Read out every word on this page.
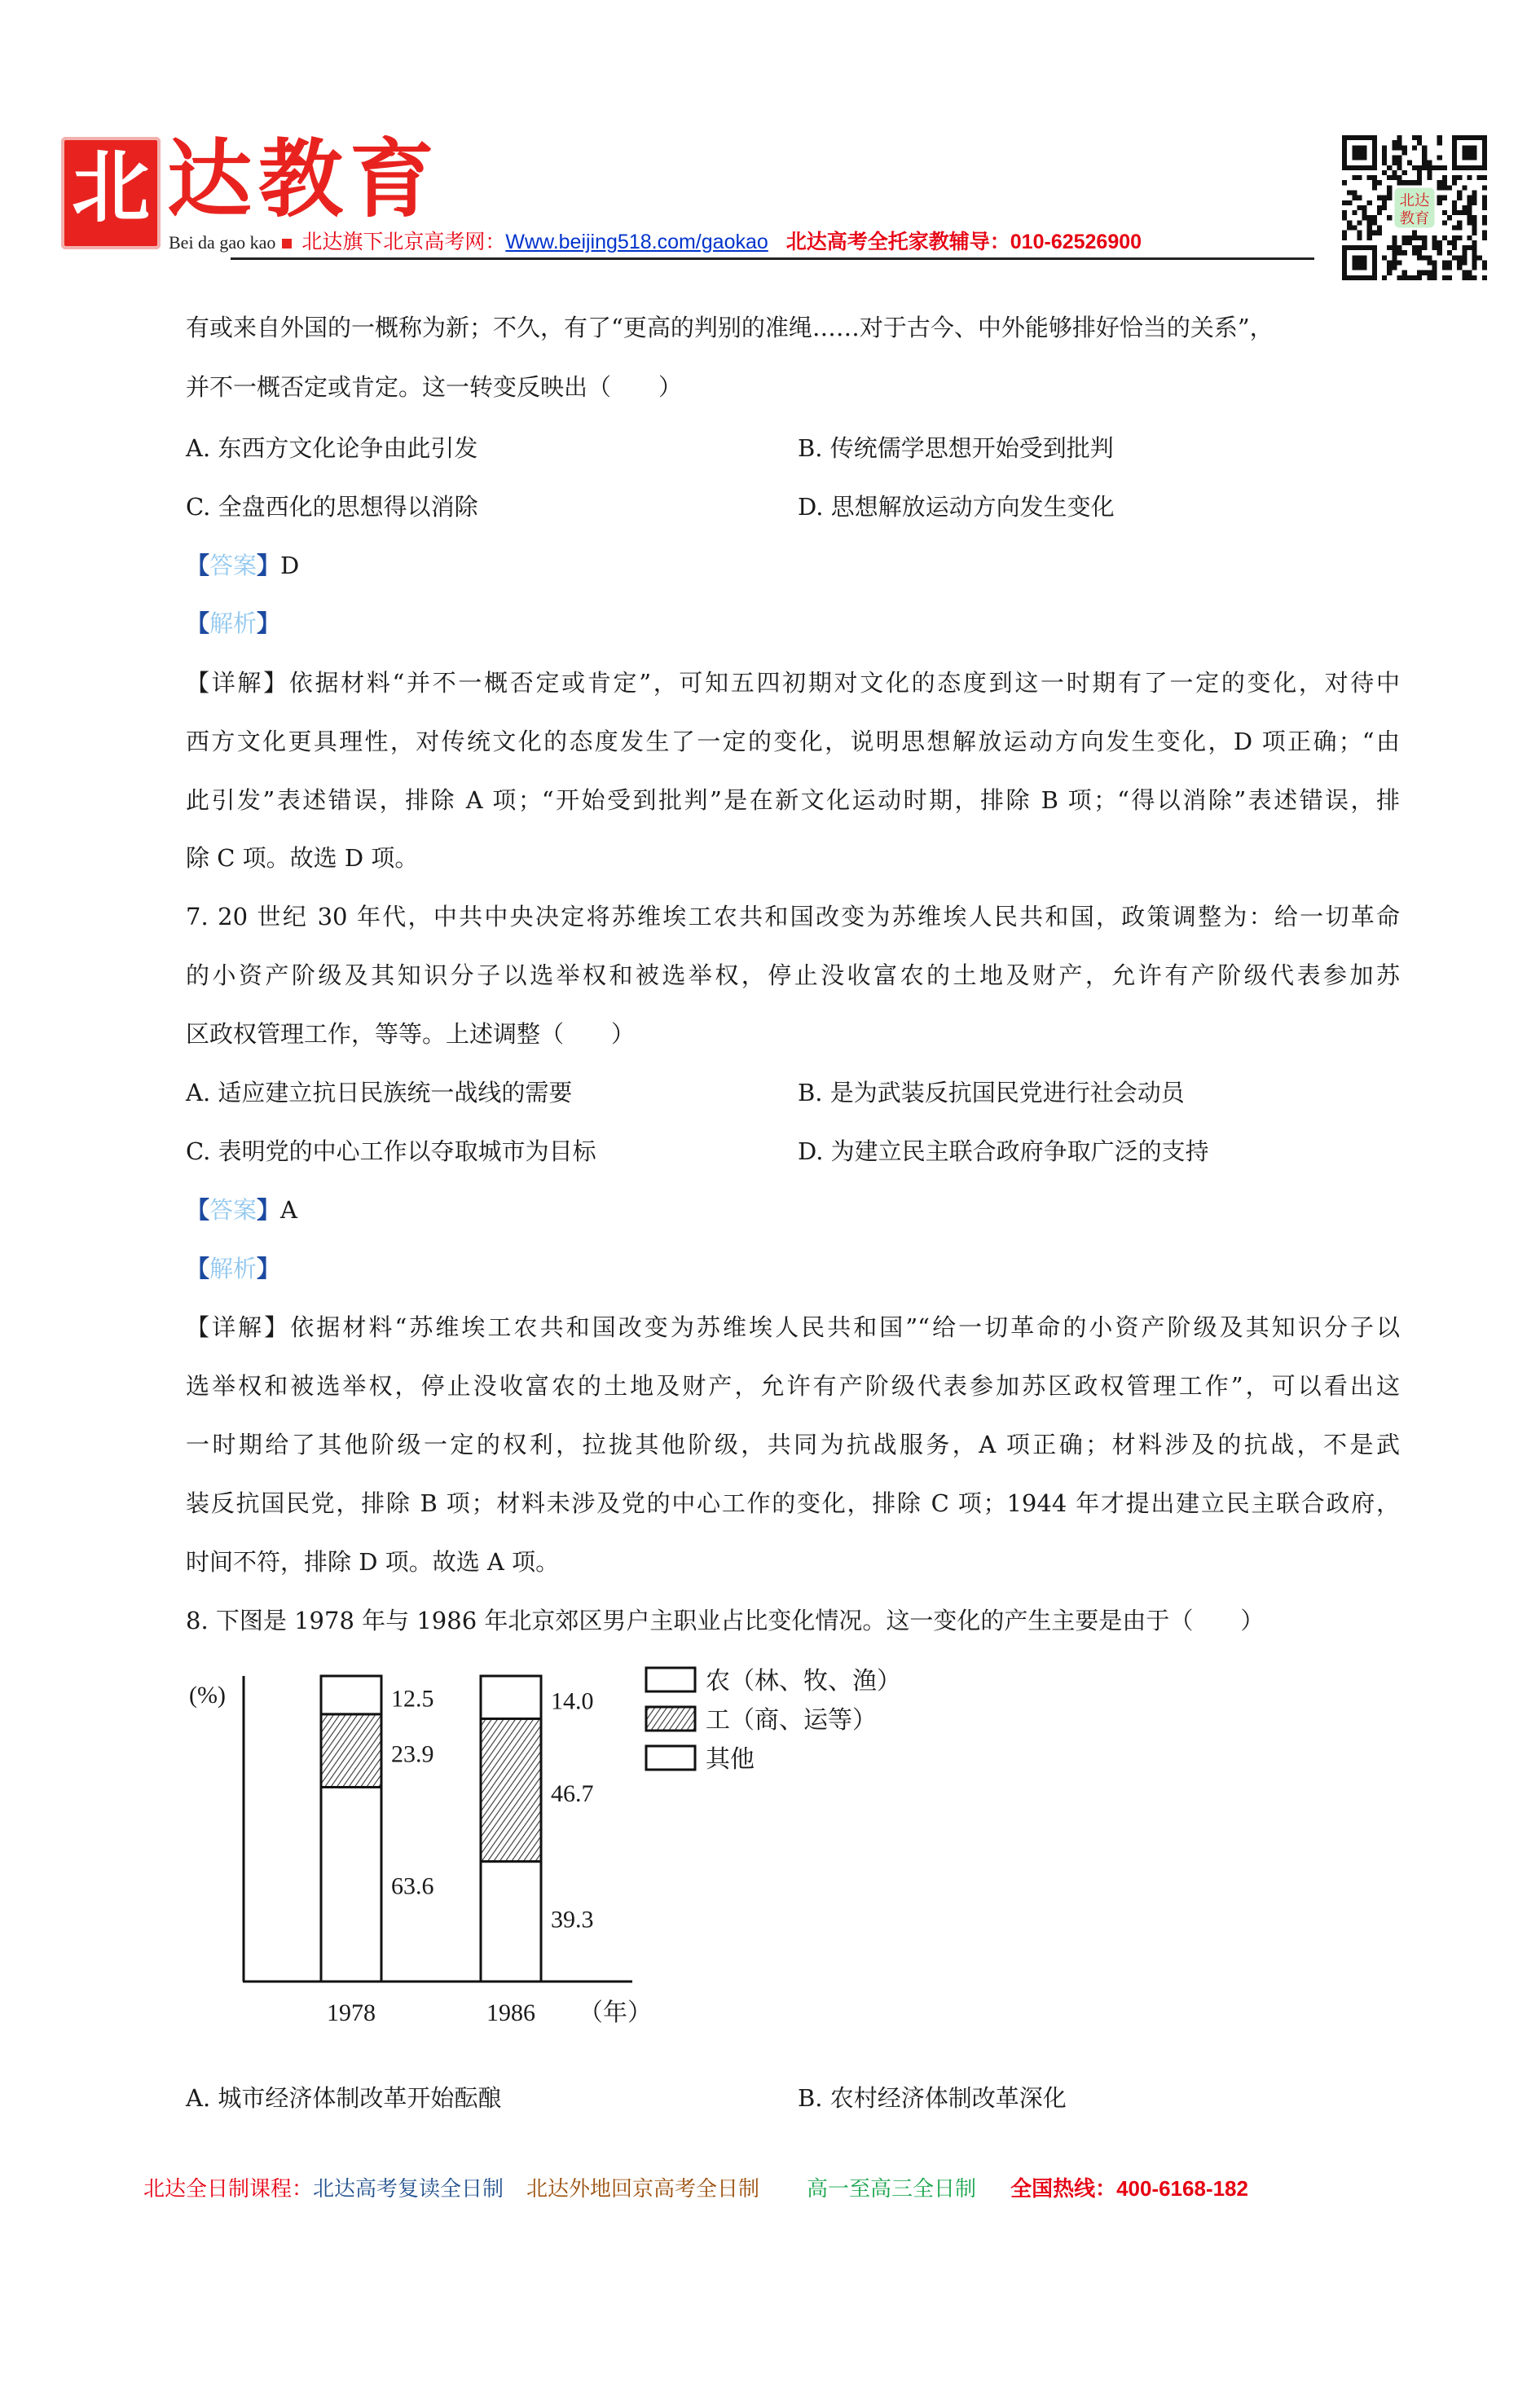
北 达教育
Bei da gao kao 北达旗下北京高考网：Www.beijing518.com/gaokao 北达高考全托家教辅导：010-62526900
北达
教育
有或来自外国的一概称为新；不久，有了“更高的判别的准绳……对于古今、中外能够排好恰当的关系”，
并不一概否定或肯定。这一转变反映出（　　）
A. 东西方文化论争由此引发	B. 传统儒学思想开始受到批判
C. 全盘西化的思想得以消除	D. 思想解放运动方向发生变化
【答案】D
【解析】
【详解】依据材料“并不一概否定或肯定”，可知五四初期对文化的态度到这一时期有了一定的变化，对待中
西方文化更具理性，对传统文化的态度发生了一定的变化，说明思想解放运动方向发生变化，D 项正确；“由
此引发”表述错误，排除 A 项；“开始受到批判”是在新文化运动时期，排除 B 项；“得以消除”表述错误，排
除 C 项。故选 D 项。
7. 20 世纪 30 年代，中共中央决定将苏维埃工农共和国改变为苏维埃人民共和国，政策调整为：给一切革命
的小资产阶级及其知识分子以选举权和被选举权，停止没收富农的土地及财产，允许有产阶级代表参加苏
区政权管理工作，等等。上述调整（　　）
A. 适应建立抗日民族统一战线的需要	B. 是为武装反抗国民党进行社会动员
C. 表明党的中心工作以夺取城市为目标	D. 为建立民主联合政府争取广泛的支持
【答案】A
【解析】
【详解】依据材料“苏维埃工农共和国改变为苏维埃人民共和国”“给一切革命的小资产阶级及其知识分子以
选举权和被选举权，停止没收富农的土地及财产，允许有产阶级代表参加苏区政权管理工作”，可以看出这
一时期给了其他阶级一定的权利，拉拢其他阶级，共同为抗战服务，A 项正确；材料涉及的抗战，不是武
装反抗国民党，排除 B 项；材料未涉及党的中心工作的变化，排除 C 项；1944 年才提出建立民主联合政府，
时间不符，排除 D 项。故选 A 项。
8. 下图是 1978 年与 1986 年北京郊区男户主职业占比变化情况。这一变化的产生主要是由于（　　）
(%)
63.6
23.9
12.5
39.3
46.7
14.0
1978	1986 （年）
农（林、牧、渔）
工（商、运等）
其他
A. 城市经济体制改革开始酝酿	B. 农村经济体制改革深化
北达全日制课程：北达高考复读全日制 北达外地回京高考全日制 高一至高三全日制 全国热线：400-6168-182
